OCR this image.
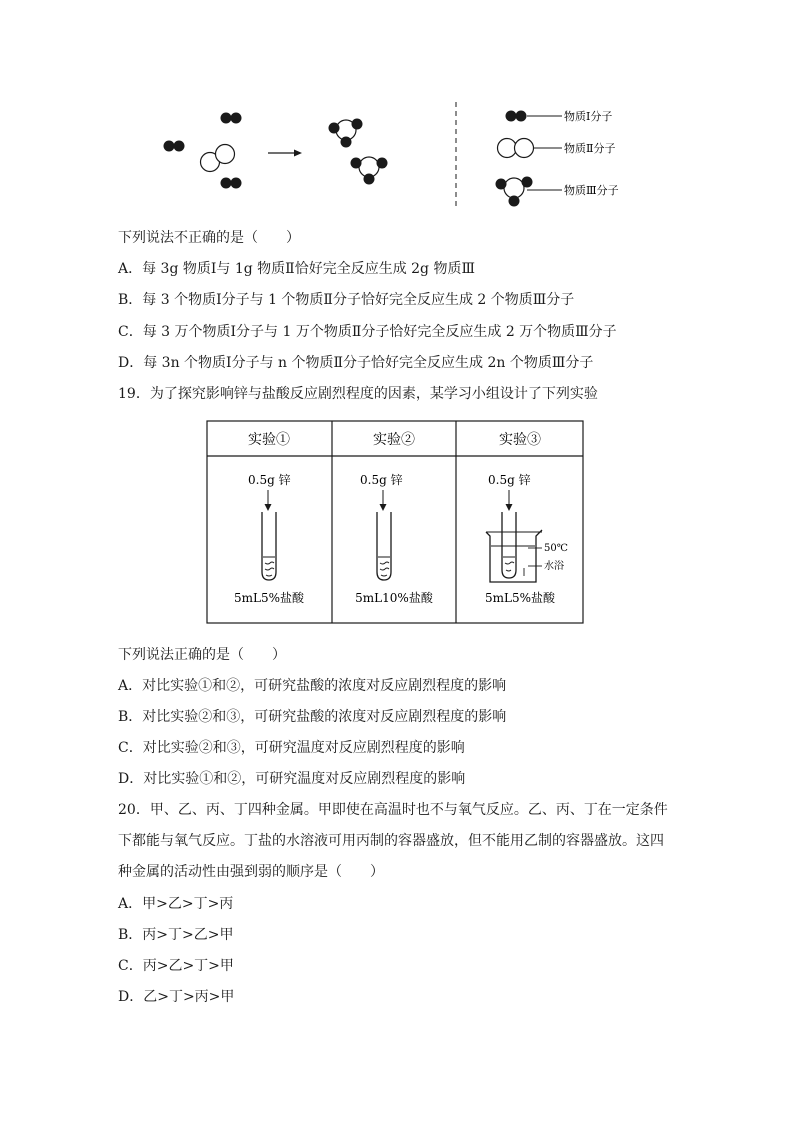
物质Ⅰ分子
物质Ⅱ分子
物质Ⅲ分子
下列说法不正确的是（　　）
A．每 3g 物质Ⅰ与 1g 物质Ⅱ恰好完全反应生成 2g 物质Ⅲ
B．每 3 个物质Ⅰ分子与 1 个物质Ⅱ分子恰好完全反应生成 2 个物质Ⅲ分子
C．每 3 万个物质Ⅰ分子与 1 万个物质Ⅱ分子恰好完全反应生成 2 万个物质Ⅲ分子
D．每 3n 个物质Ⅰ分子与 n 个物质Ⅱ分子恰好完全反应生成 2n 个物质Ⅲ分子
19．为了探究影响锌与盐酸反应剧烈程度的因素，某学习小组设计了下列实验
实验①	实验②	实验③
0.5g 锌
5mL5%盐酸
0.5g 锌
5mL10%盐酸
0.5g 锌
50℃
水浴
5mL5%盐酸
下列说法正确的是（　　）
A．对比实验①和②，可研究盐酸的浓度对反应剧烈程度的影响
B．对比实验②和③，可研究盐酸的浓度对反应剧烈程度的影响
C．对比实验②和③，可研究温度对反应剧烈程度的影响
D．对比实验①和②，可研究温度对反应剧烈程度的影响
20．甲、乙、丙、丁四种金属。甲即使在高温时也不与氧气反应。乙、丙、丁在一定条件
下都能与氧气反应。丁盐的水溶液可用丙制的容器盛放，但不能用乙制的容器盛放。这四
种金属的活动性由强到弱的顺序是（　　）
A．甲>乙>丁>丙
B．丙>丁>乙>甲
C．丙>乙>丁>甲
D．乙>丁>丙>甲
